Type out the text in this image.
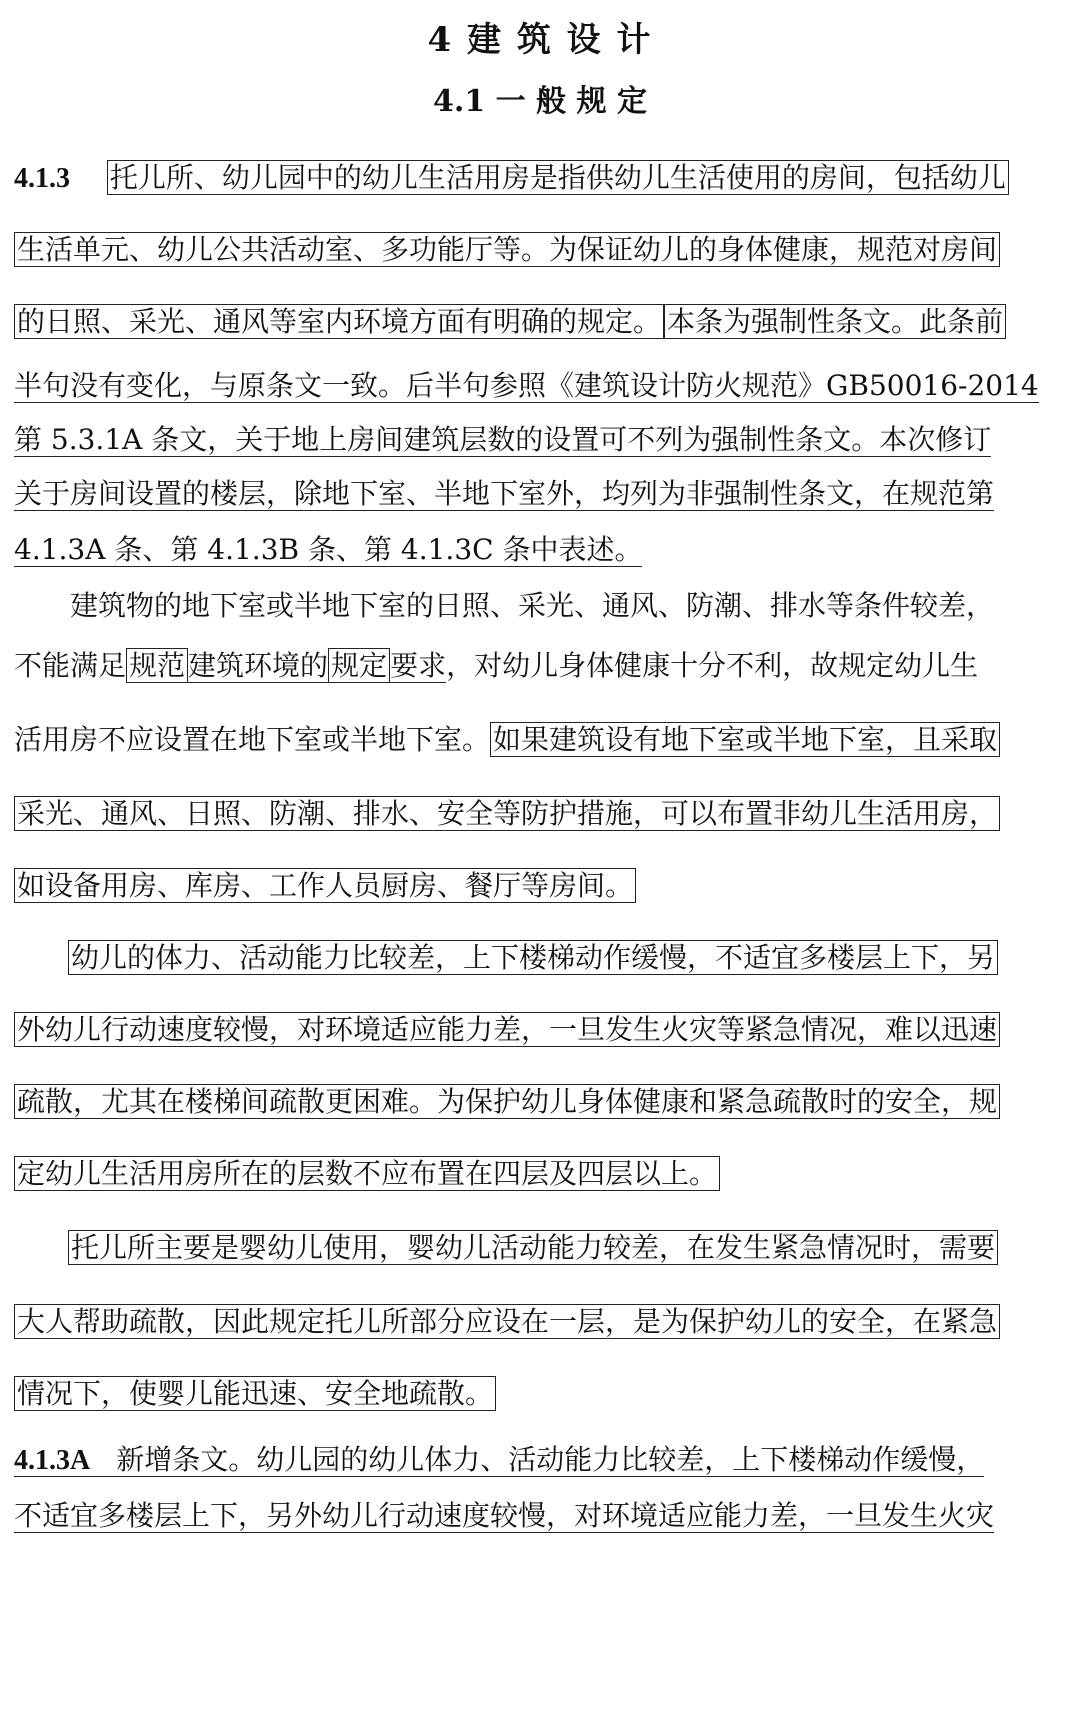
4 建 筑 设 计
4.1 一 般 规 定
4.1.3 托儿所、幼儿园中的幼儿生活用房是指供幼儿生活使用的房间，包括幼儿
生活单元、幼儿公共活动室、多功能厅等。为保证幼儿的身体健康，规范对房间
的日照、采光、通风等室内环境方面有明确的规定。 本条为强制性条文。此条前
半句没有变化，与原条文一致。后半句参照《建筑设计防火规范》GB50016-2014
第 5.3.1A 条文，关于地上房间建筑层数的设置可不列为强制性条文。本次修订
关于房间设置的楼层，除地下室、半地下室外，均列为非强制性条文，在规范第
4.1.3A 条、第 4.1.3B 条、第 4.1.3C 条中表述。
建筑物的地下室或半地下室的日照、采光、通风、防潮、排水等条件较差，
不能满足 规范 建筑环境的 规定 要求，对幼儿身体健康十分不利，故规定幼儿生
活用房不应设置在地下室或半地下室。 如果建筑设有地下室或半地下室，且采取
采光、通风、日照、防潮、排水、安全等防护措施，可以布置非幼儿生活用房，
如设备用房、库房、工作人员厨房、餐厅等房间。
幼儿的体力、活动能力比较差，上下楼梯动作缓慢，不适宜多楼层上下，另
外幼儿行动速度较慢，对环境适应能力差，一旦发生火灾等紧急情况，难以迅速
疏散，尤其在楼梯间疏散更困难。为保护幼儿身体健康和紧急疏散时的安全，规
定幼儿生活用房所在的层数不应布置在四层及四层以上。
托儿所主要是婴幼儿使用，婴幼儿活动能力较差，在发生紧急情况时，需要
大人帮助疏散，因此规定托儿所部分应设在一层，是为保护幼儿的安全，在紧急
情况下，使婴儿能迅速、安全地疏散。
4.1.3A 新增条文。幼儿园的幼儿体力、活动能力比较差，上下楼梯动作缓慢，
不适宜多楼层上下，另外幼儿行动速度较慢，对环境适应能力差，一旦发生火灾
